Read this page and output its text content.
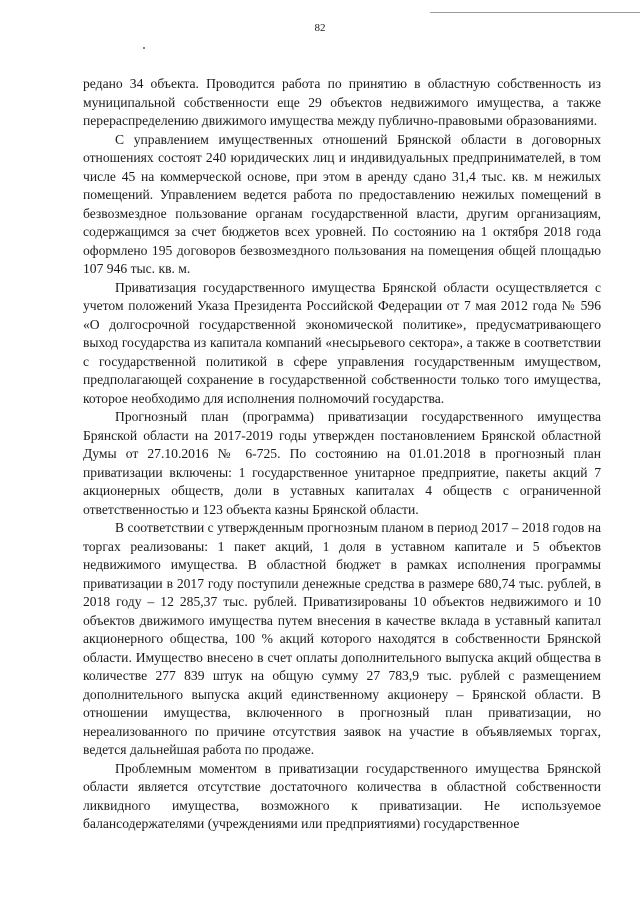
82

редано 34 объекта. Проводится работа по принятию в областную собственность из муниципальной собственности еще 29 объектов недвижимого имущества, а также перераспределению движимого имущества между публично-правовыми образованиями.

С управлением имущественных отношений Брянской области в договорных отношениях состоят 240 юридических лиц и индивидуальных предпринимателей, в том числе 45 на коммерческой основе, при этом в аренду сдано 31,4 тыс. кв. м нежилых помещений. Управлением ведется работа по предоставлению нежилых помещений в безвозмездное пользование органам государственной власти, другим организациям, содержащимся за счет бюджетов всех уровней. По состоянию на 1 октября 2018 года оформлено 195 договоров безвозмездного пользования на помещения общей площадью 107 946 тыс. кв. м.

Приватизация государственного имущества Брянской области осуществляется с учетом положений Указа Президента Российской Федерации от 7 мая 2012 года № 596 «О долгосрочной государственной экономической политике», предусматривающего выход государства из капитала компаний «несырьевого сектора», а также в соответствии с государственной политикой в сфере управления государственным имуществом, предполагающей сохранение в государственной собственности только того имущества, которое необходимо для исполнения полномочий государства.

Прогнозный план (программа) приватизации государственного имущества Брянской области на 2017-2019 годы утвержден постановлением Брянской областной Думы от 27.10.2016 № 6-725. По состоянию на 01.01.2018 в прогнозный план приватизации включены: 1 государственное унитарное предприятие, пакеты акций 7 акционерных обществ, доли в уставных капиталах 4 обществ с ограниченной ответственностью и 123 объекта казны Брянской области.

В соответствии с утвержденным прогнозным планом в период 2017 – 2018 годов на торгах реализованы: 1 пакет акций, 1 доля в уставном капитале и 5 объектов недвижимого имущества. В областной бюджет в рамках исполнения программы приватизации в 2017 году поступили денежные средства в размере 680,74 тыс. рублей, в 2018 году – 12 285,37 тыс. рублей. Приватизированы 10 объектов недвижимого и 10 объектов движимого имущества путем внесения в качестве вклада в уставный капитал акционерного общества, 100 % акций которого находятся в собственности Брянской области. Имущество внесено в счет оплаты дополнительного выпуска акций общества в количестве 277 839 штук на общую сумму 27 783,9 тыс. рублей с размещением дополнительного выпуска акций единственному акционеру – Брянской области. В отношении имущества, включенного в прогнозный план приватизации, но нереализованного по причине отсутствия заявок на участие в объявляемых торгах, ведется дальнейшая работа по продаже.

Проблемным моментом в приватизации государственного имущества Брянской области является отсутствие достаточного количества в областной собственности ликвидного имущества, возможного к приватизации. Не используемое балансодержателями (учреждениями или предприятиями) государственное
